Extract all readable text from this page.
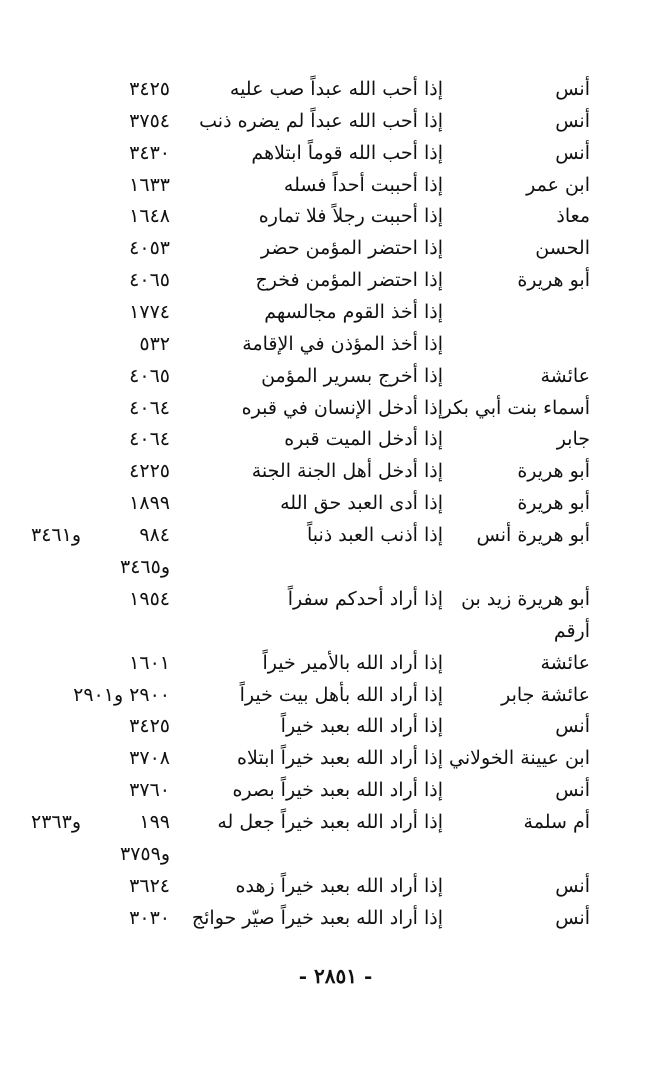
أنس
إذا أحب الله عبداً صب عليه
٣٤٢٥
أنس
إذا أحب الله عبداً لم يضره ذنب
٣٧٥٤
أنس
إذا أحب الله قوماً ابتلاهم
٣٤٣٠
ابن عمر
إذا أحببت أحداً فسله
١٦٣٣
معاذ
إذا أحببت رجلاً فلا تماره
١٦٤٨
الحسن
إذا احتضر المؤمن حضر
٤٠٥٣
أبو هريرة
إذا احتضر المؤمن فخرج
٤٠٦٥
إذا أخذ القوم مجالسهم
١٧٧٤
إذا أخذ المؤذن في الإقامة
٥٣٢
عائشة
إذا أخرج بسرير المؤمن
٤٠٦٥
أسماء بنت أبي بكر
إذا أدخل الإنسان في قبره
٤٠٦٤
جابر
إذا أدخل الميت قبره
٤٠٦٤
أبو هريرة
إذا أدخل أهل الجنة الجنة
٤٢٢٥
أبو هريرة
إذا أدى العبد حق الله
١٨٩٩
أبو هريرة أنس
إذا أذنب العبد ذنباً
٩٨٤
و٣٤٦١
و٣٤٦٥
أبو هريرة زيد بن
إذا أراد أحدكم سفراً
١٩٥٤
أرقم
عائشة
إذا أراد الله بالأمير خيراً
١٦٠١
عائشة جابر
إذا أراد الله بأهل بيت خيراً
٢٩٠٠ و٢٩٠١
أنس
إذا أراد الله بعبد خيراً
٣٤٢٥
ابن عيينة الخولاني
إذا أراد الله بعبد خيراً ابتلاه
٣٧٠٨
أنس
إذا أراد الله بعبد خيراً بصره
٣٧٦٠
أم سلمة
إذا أراد الله بعبد خيراً جعل له
١٩٩
و٢٣٦٣
و٣٧٥٩
أنس
إذا أراد الله بعبد خيراً زهده
٣٦٢٤
أنس
إذا أراد الله بعبد خيراً صيّر حوائج
٣٠٣٠
- ٢٨٥١ -
